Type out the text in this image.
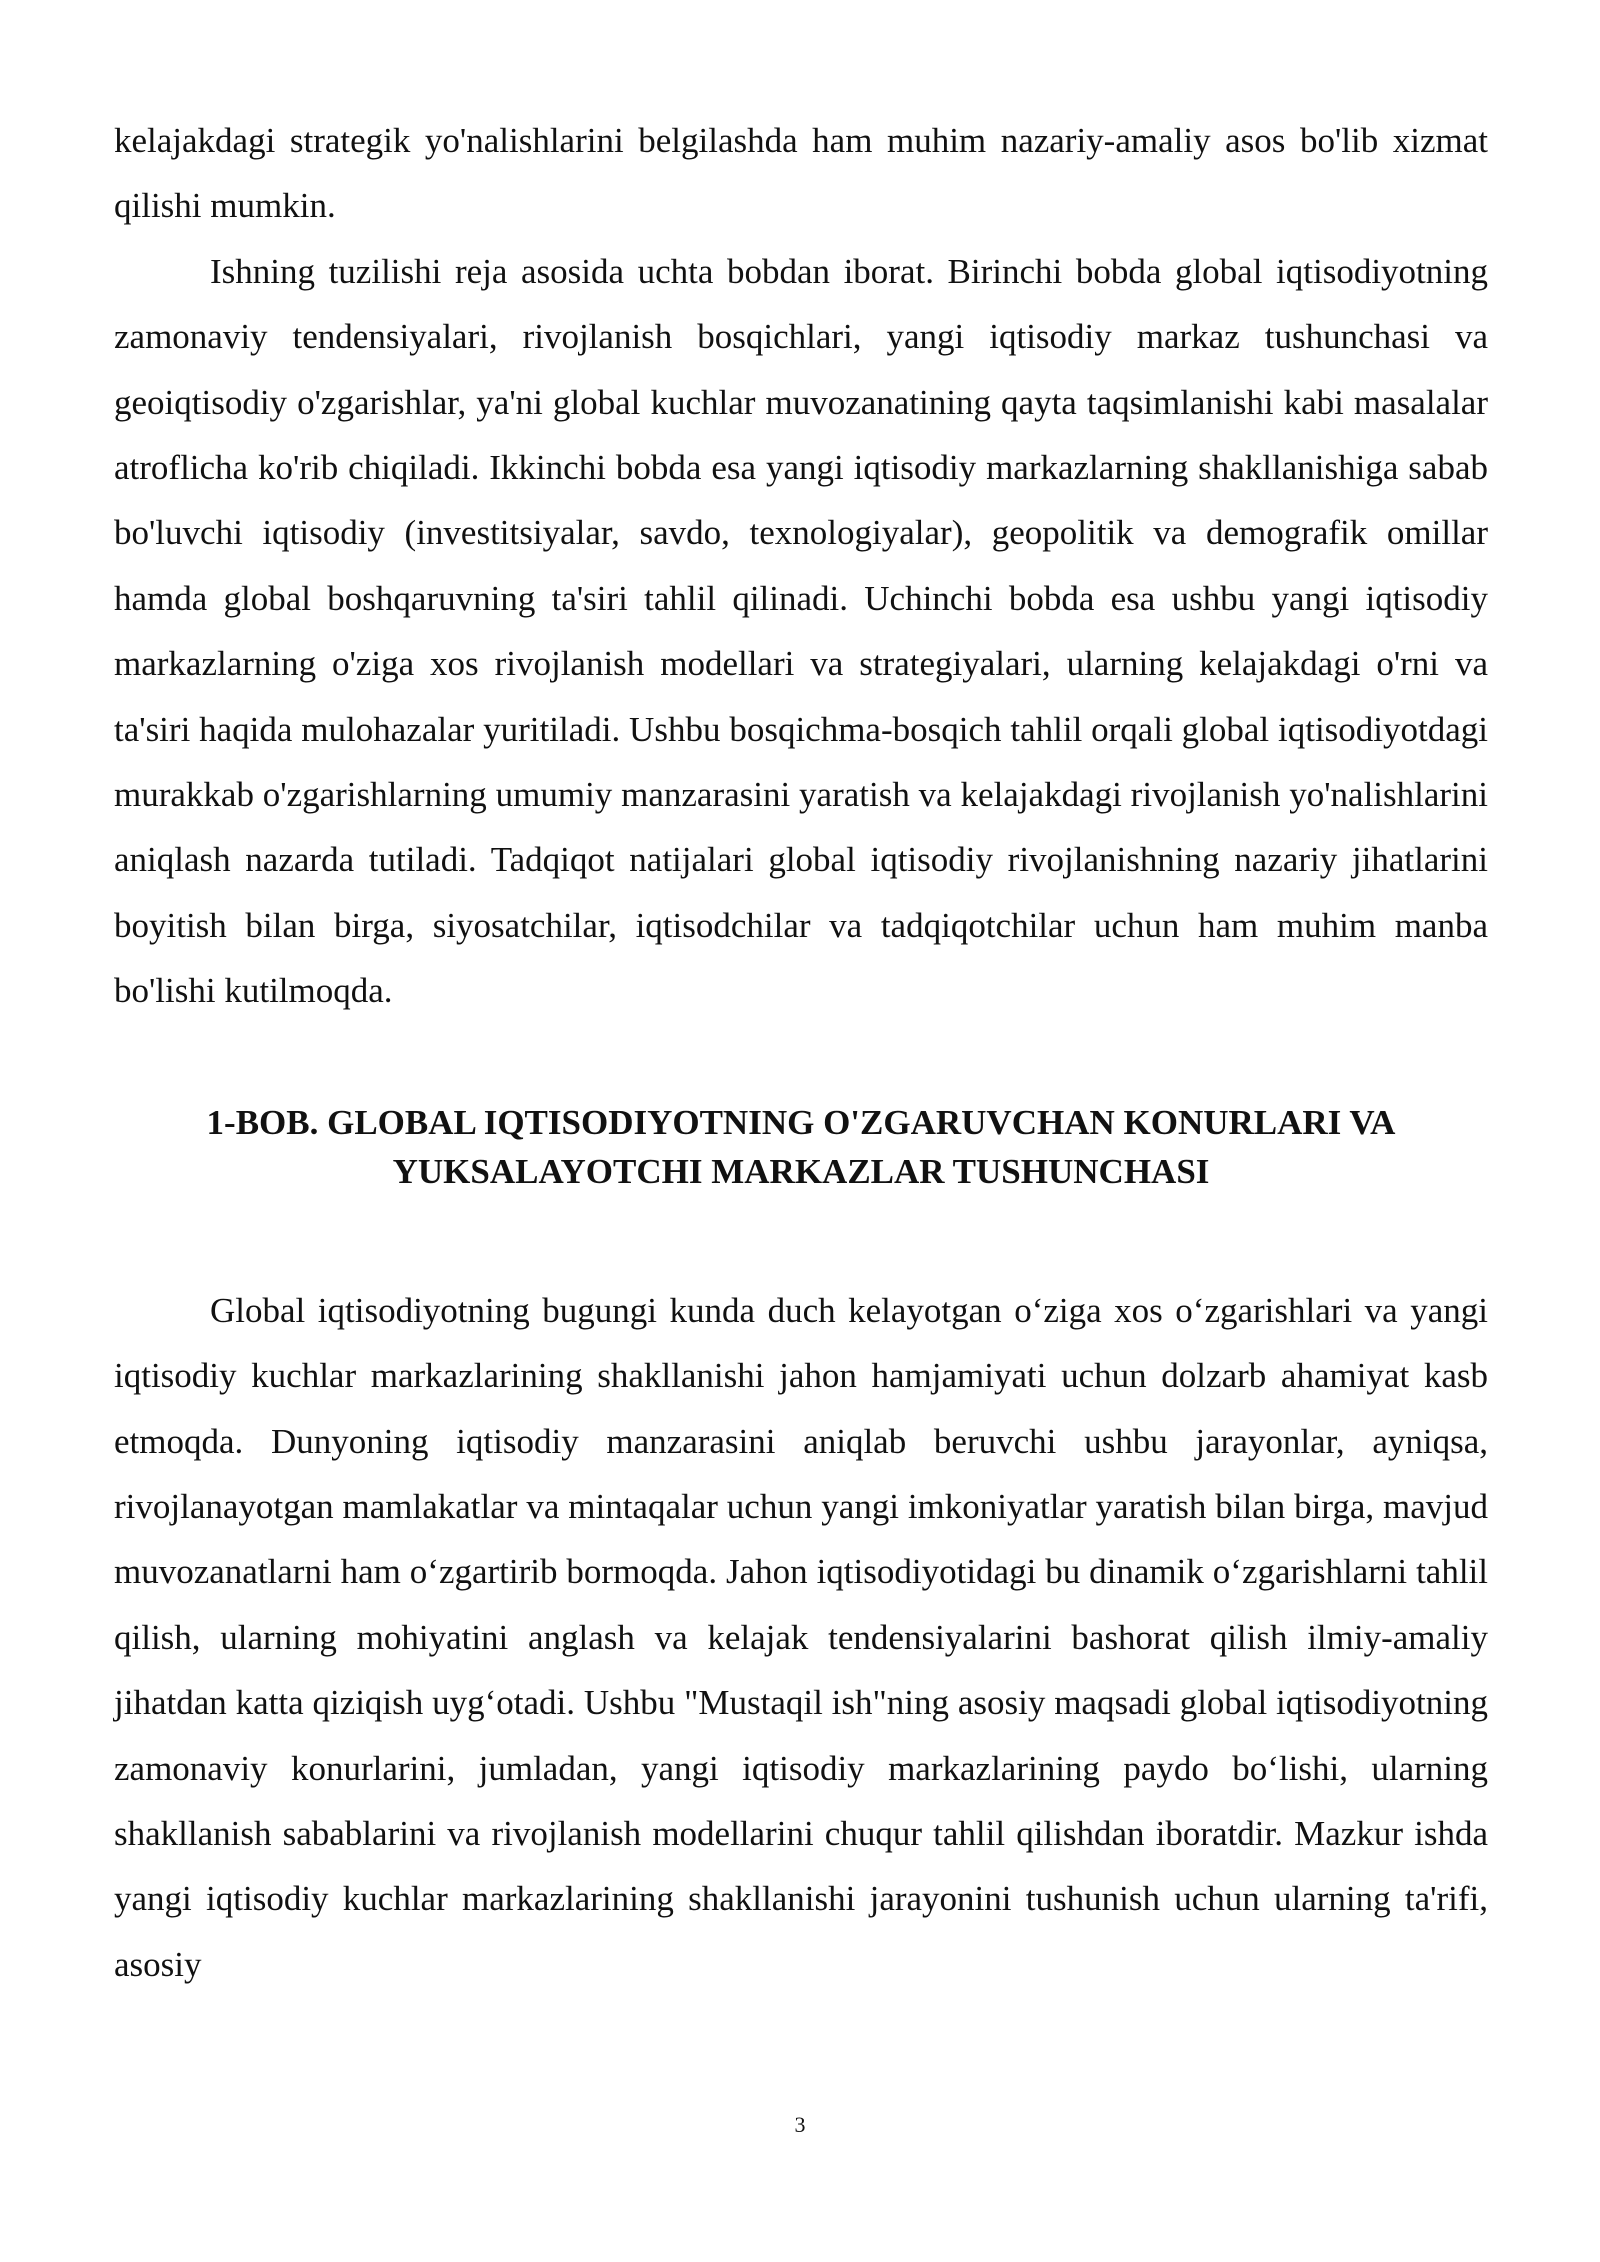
kelajakdagi strategik yo'nalishlarini belgilashda ham muhim nazariy-amaliy asos bo'lib xizmat qilishi mumkin.

Ishning tuzilishi reja asosida uchta bobdan iborat. Birinchi bobda global iqtisodiyotning zamonaviy tendensiyalari, rivojlanish bosqichlari, yangi iqtisodiy markaz tushunchasi va geoiqtisodiy o'zgarishlar, ya'ni global kuchlar muvozanatining qayta taqsimlanishi kabi masalalar atroflicha ko'rib chiqiladi. Ikkinchi bobda esa yangi iqtisodiy markazlarning shakllanishiga sabab bo'luvchi iqtisodiy (investitsiyalar, savdo, texnologiyalar), geopolitik va demografik omillar hamda global boshqaruvning ta'siri tahlil qilinadi. Uchinchi bobda esa ushbu yangi iqtisodiy markazlarning o'ziga xos rivojlanish modellari va strategiyalari, ularning kelajakdagi o'rni va ta'siri haqida mulohazalar yuritiladi. Ushbu bosqichma-bosqich tahlil orqali global iqtisodiyotdagi murakkab o'zgarishlarning umumiy manzarasini yaratish va kelajakdagi rivojlanish yo'nalishlarini aniqlash nazarda tutiladi. Tadqiqot natijalari global iqtisodiy rivojlanishning nazariy jihatlarini boyitish bilan birga, siyosatchilar, iqtisodchilar va tadqiqotchilar uchun ham muhim manba bo'lishi kutilmoqda.

1-BOB. GLOBAL IQTISODIYOTNING O'ZGARUVCHAN KONURLARI VA
YUKSALAYOTCHI MARKAZLAR TUSHUNCHASI

Global iqtisodiyotning bugungi kunda duch kelayotgan o‘ziga xos o‘zgarishlari va yangi iqtisodiy kuchlar markazlarining shakllanishi jahon hamjamiyati uchun dolzarb ahamiyat kasb etmoqda. Dunyoning iqtisodiy manzarasini aniqlab beruvchi ushbu jarayonlar, ayniqsa, rivojlanayotgan mamlakatlar va mintaqalar uchun yangi imkoniyatlar yaratish bilan birga, mavjud muvozanatlarni ham o‘zgartirib bormoqda. Jahon iqtisodiyotidagi bu dinamik o‘zgarishlarni tahlil qilish, ularning mohiyatini anglash va kelajak tendensiyalarini bashorat qilish ilmiy-amaliy jihatdan katta qiziqish uyg‘otadi. Ushbu "Mustaqil ish"ning asosiy maqsadi global iqtisodiyotning zamonaviy konurlarini, jumladan, yangi iqtisodiy markazlarining paydo bo‘lishi, ularning shakllanish sabablarini va rivojlanish modellarini chuqur tahlil qilishdan iboratdir. Mazkur ishda yangi iqtisodiy kuchlar markazlarining shakllanishi jarayonini tushunish uchun ularning ta'rifi, asosiy

3
